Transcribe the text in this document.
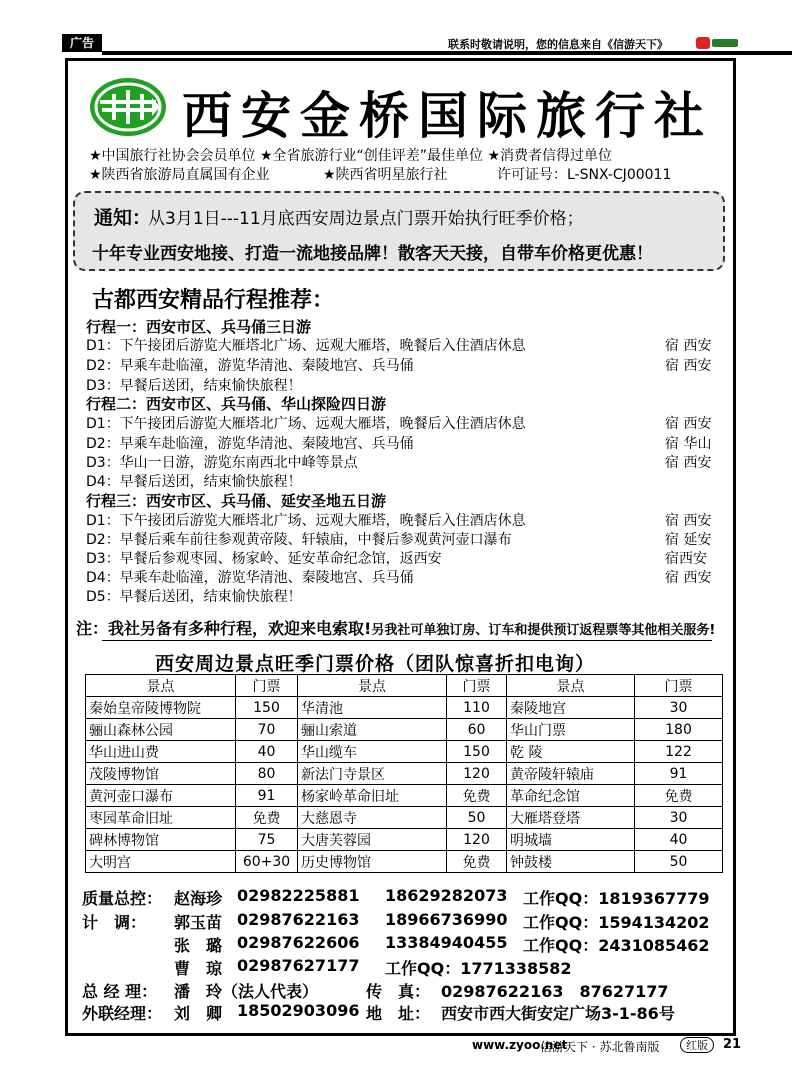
广告	联系时敬请说明，您的信息来自《信游天下》
西安金桥国际旅行社
★中国旅行社协会会员单位 ★全省旅游行业“创佳评差”最佳单位 ★消费者信得过单位
★陕西省旅游局直属国有企业	★陕西省明星旅行社	许可证号：L-SNX-CJ00011
通知：
从3月1日---11月底西安周边景点门票开始执行旺季价格；
十年专业西安地接、打造一流地接品牌！散客天天接，自带车价格更优惠！
古都西安精品行程推荐：
行程一：西安市区、兵马俑三日游
D1：下午接团后游览大雁塔北广场、远观大雁塔，晚餐后入住酒店休息	宿 西安
D2：早乘车赴临潼，游览华清池、秦陵地宫、兵马俑	宿 西安
D3：早餐后送团，结束愉快旅程！
行程二：西安市区、兵马俑、华山探险四日游
D1：下午接团后游览大雁塔北广场、远观大雁塔，晚餐后入住酒店休息	宿 西安
D2：早乘车赴临潼，游览华清池、秦陵地宫、兵马俑	宿 华山
D3：华山一日游，游览东南西北中峰等景点	宿 西安
D4：早餐后送团，结束愉快旅程！
行程三：西安市区、兵马俑、延安圣地五日游
D1：下午接团后游览大雁塔北广场、远观大雁塔，晚餐后入住酒店休息	宿 西安
D2：早餐后乘车前往参观黄帝陵、轩辕庙，中餐后参观黄河壶口瀑布	宿 延安
D3：早餐后参观枣园、杨家岭、延安革命纪念馆，返西安	宿西安
D4：早乘车赴临潼，游览华清池、秦陵地宫、兵马俑	宿 西安
D5：早餐后送团，结束愉快旅程！
注：我社另备有多种行程，欢迎来电索取!另我社可单独订房、订车和提供预订返程票等其他相关服务!
西安周边景点旺季门票价格（团队惊喜折扣电询）
景点	门票	景点	门票	景点	门票
秦始皇帝陵博物院	150	华清池	110	秦陵地宫	30
骊山森林公园	70	骊山索道	60	华山门票	180
华山进山费	40	华山缆车	150	乾 陵	122
茂陵博物馆	80	新法门寺景区	120	黄帝陵轩辕庙	91
黄河壶口瀑布	91	杨家岭革命旧址	免费	革命纪念馆	免费
枣园革命旧址	免费	大慈恩寺	50	大雁塔登塔	30
碑林博物馆	75	大唐芙蓉园	120	明城墙	40
大明宫	60+30	历史博物馆	免费	钟鼓楼	50
质量总控： 赵海珍 02982225881 18629282073 工作QQ：1819367779
计　调： 郭玉苗 02987622163 18966736990 工作QQ：1594134202
张　璐 02987622606 13384940455 工作QQ：2431085462
曹　琼 02987627177 工作QQ：1771338582
总 经 理： 潘　玲（法人代表）	传　真： 02987622163　87627177
外联经理： 刘　卿 18502903096 地　址： 西安市西大街安定广场3-1-86号
www.zyoo.net
信游天下 · 苏北鲁南版	红版	21
